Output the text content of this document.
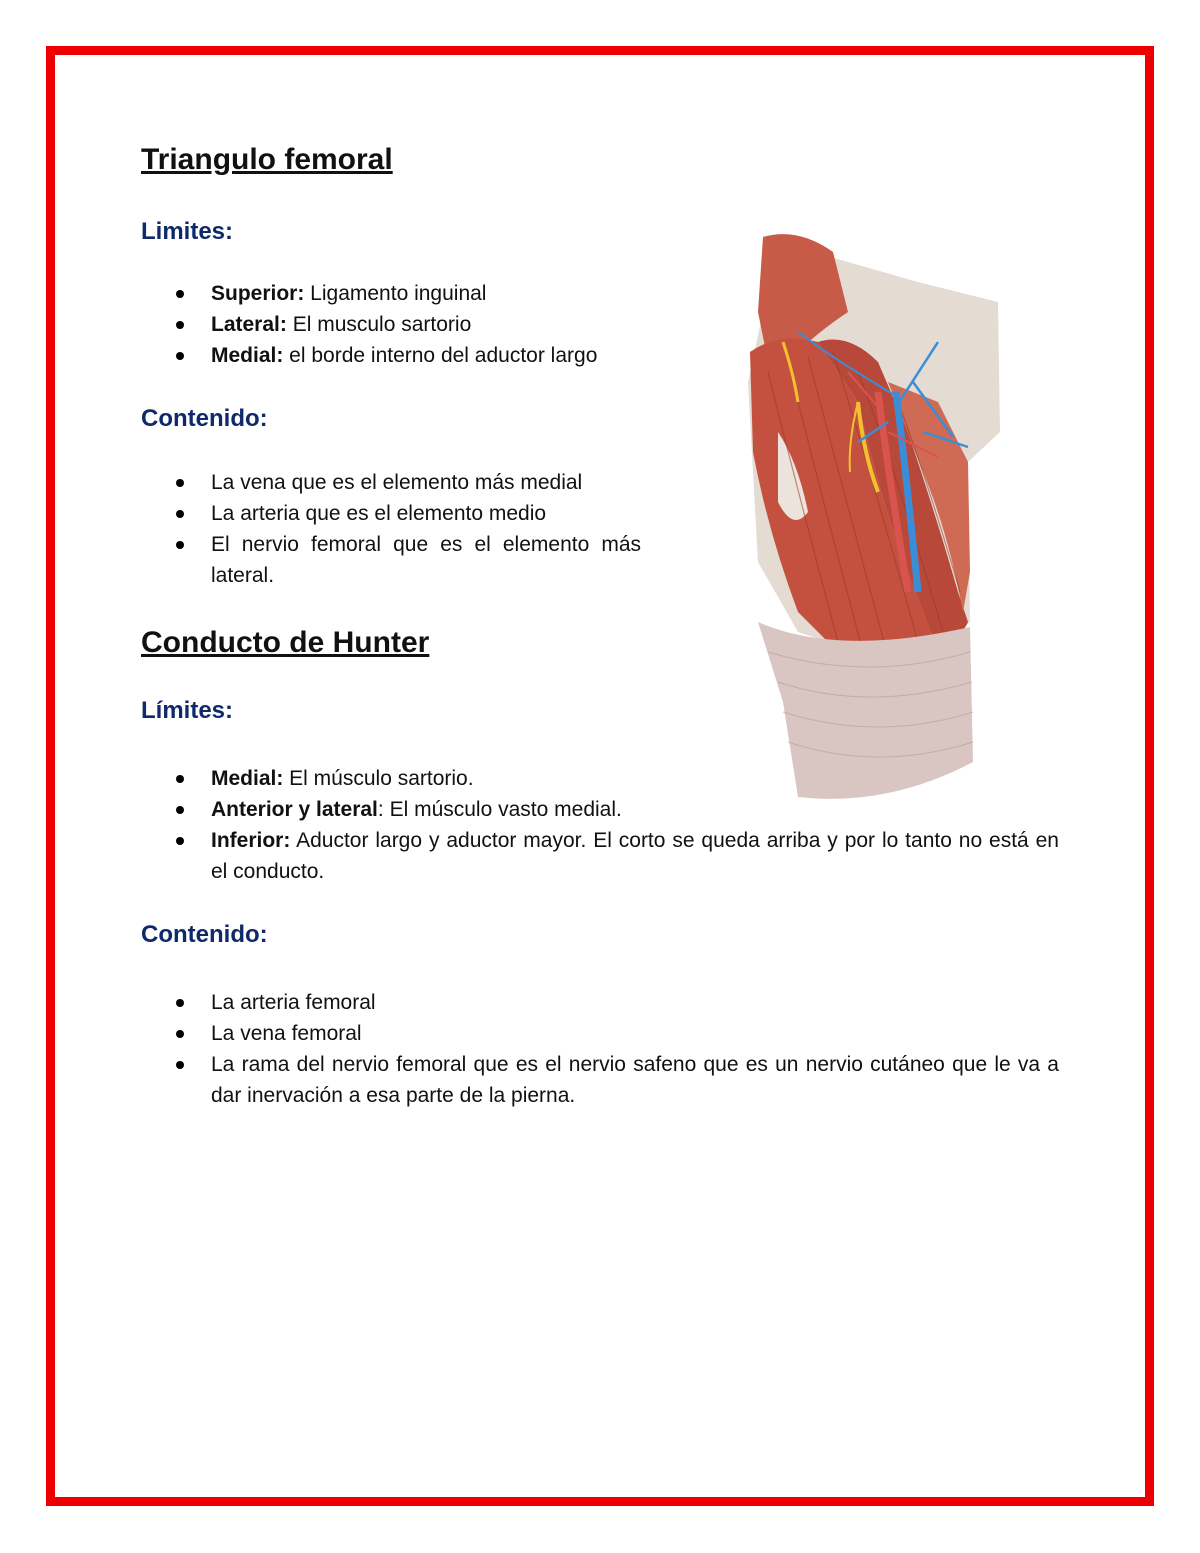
Triangulo femoral
Limites:
Superior: Ligamento inguinal
Lateral: El musculo sartorio
Medial: el borde interno del aductor largo
Contenido:
La vena que es el elemento más medial
La arteria que es el elemento medio
El nervio femoral que es el elemento más lateral.
Conducto de Hunter
Límites:
Medial: El músculo sartorio.
Anterior y lateral: El músculo vasto medial.
Inferior: Aductor largo y aductor mayor. El corto se queda arriba y por lo tanto no está en el conducto.
Contenido:
La arteria femoral
La vena femoral
La rama del nervio femoral que es el nervio safeno que es un nervio cutáneo que le va a dar inervación a esa parte de la pierna.
